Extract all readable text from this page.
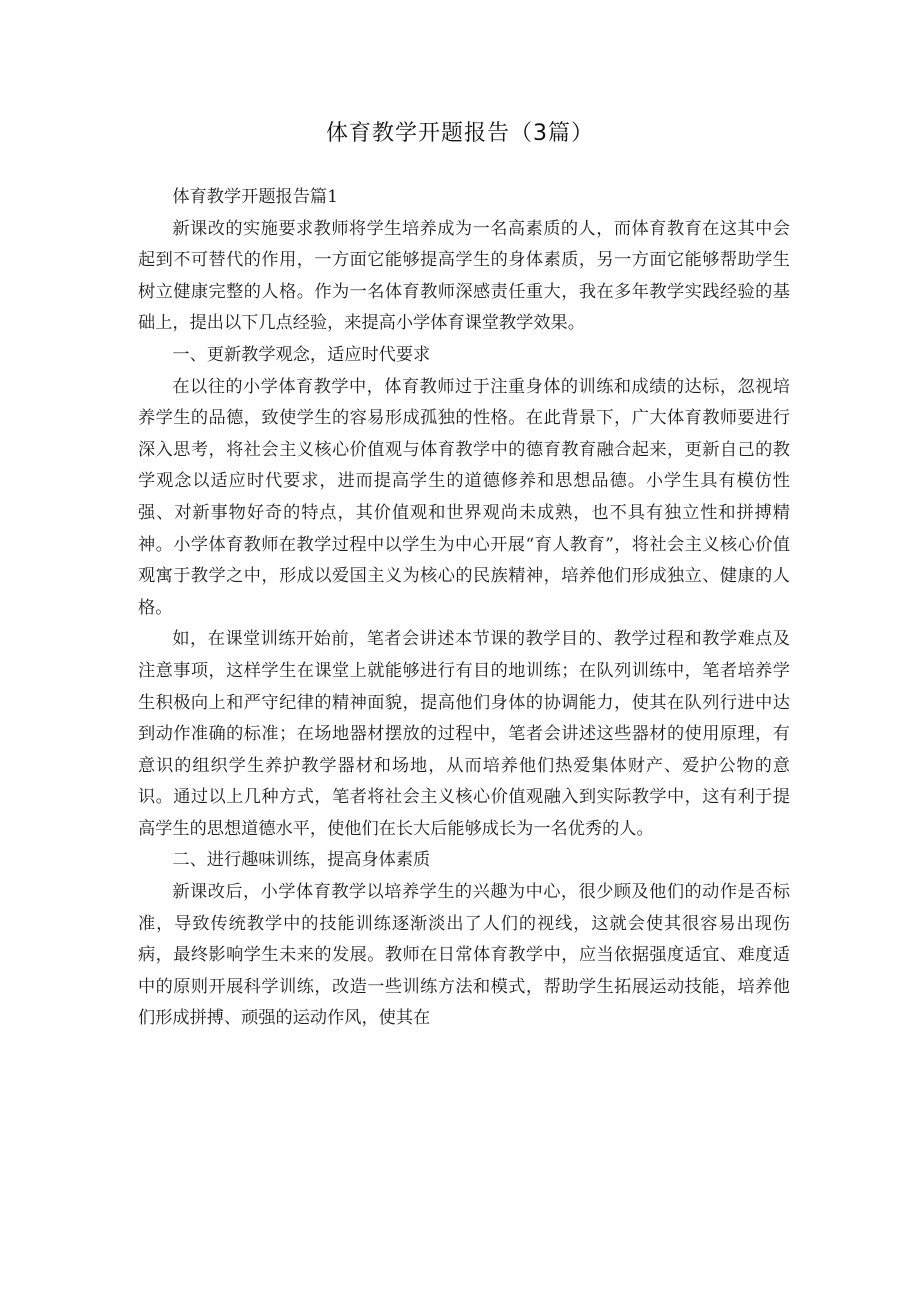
体育教学开题报告（3篇）

体育教学开题报告篇1

新课改的实施要求教师将学生培养成为一名高素质的人，而体育教育在这其中会起到不可替代的作用，一方面它能够提高学生的身体素质，另一方面它能够帮助学生树立健康完整的人格。作为一名体育教师深感责任重大，我在多年教学实践经验的基础上，提出以下几点经验，来提高小学体育课堂教学效果。

一、更新教学观念，适应时代要求

在以往的小学体育教学中，体育教师过于注重身体的训练和成绩的达标，忽视培养学生的品德，致使学生的容易形成孤独的性格。在此背景下，广大体育教师要进行深入思考，将社会主义核心价值观与体育教学中的德育教育融合起来，更新自己的教学观念以适应时代要求，进而提高学生的道德修养和思想品德。小学生具有模仿性强、对新事物好奇的特点，其价值观和世界观尚未成熟，也不具有独立性和拼搏精神。小学体育教师在教学过程中以学生为中心开展“育人教育”，将社会主义核心价值观寓于教学之中，形成以爱国主义为核心的民族精神，培养他们形成独立、健康的人格。

如，在课堂训练开始前，笔者会讲述本节课的教学目的、教学过程和教学难点及注意事项，这样学生在课堂上就能够进行有目的地训练；在队列训练中，笔者培养学生积极向上和严守纪律的精神面貌，提高他们身体的协调能力，使其在队列行进中达到动作准确的标准；在场地器材摆放的过程中，笔者会讲述这些器材的使用原理，有意识的组织学生养护教学器材和场地，从而培养他们热爱集体财产、爱护公物的意识。通过以上几种方式，笔者将社会主义核心价值观融入到实际教学中，这有利于提高学生的思想道德水平，使他们在长大后能够成长为一名优秀的人。

二、进行趣味训练，提高身体素质

新课改后，小学体育教学以培养学生的兴趣为中心，很少顾及他们的动作是否标准，导致传统教学中的技能训练逐渐淡出了人们的视线，这就会使其很容易出现伤病，最终影响学生未来的发展。教师在日常体育教学中，应当依据强度适宜、难度适中的原则开展科学训练，改造一些训练方法和模式，帮助学生拓展运动技能，培养他们形成拼搏、顽强的运动作风，使其在
